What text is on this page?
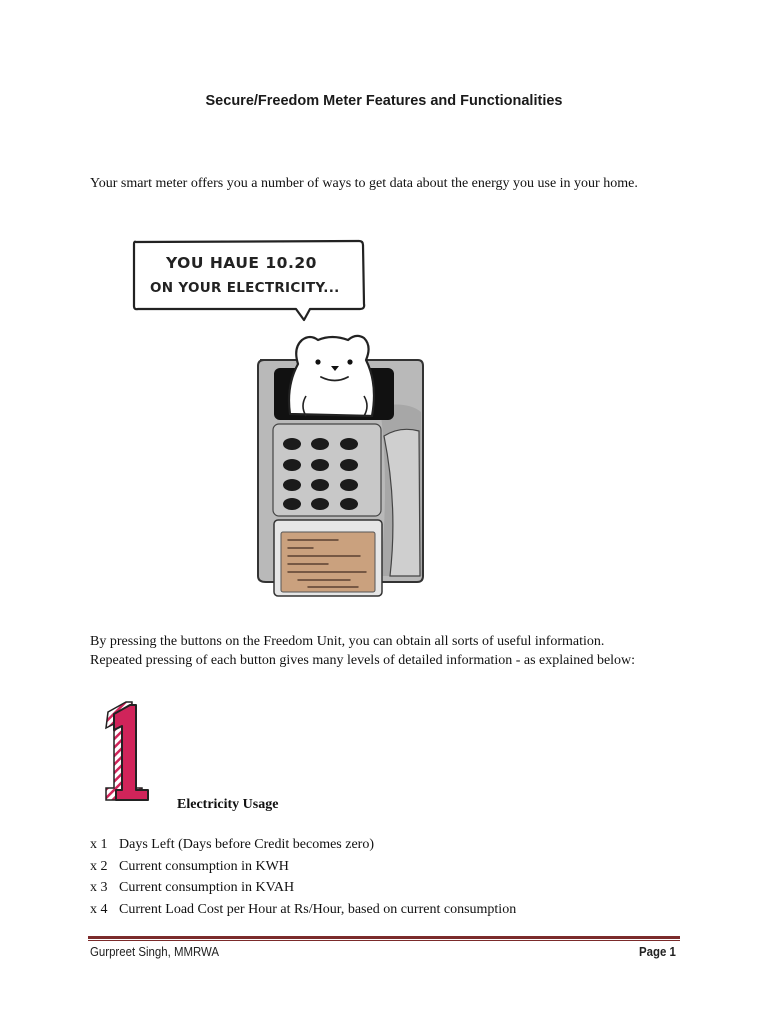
Secure/Freedom Meter Features and Functionalities
Your smart meter offers you a number of ways to get data about the energy you use in your home.
YOU HAUE 10.20
ON YOUR ELECTRICITY...
By pressing the buttons on the Freedom Unit, you can obtain all sorts of useful information.
Repeated pressing of each button gives many levels of detailed information - as explained below:
1
Electricity Usage
x 1 Days Left (Days before Credit becomes zero)
x 2 Current consumption in KWH
x 3 Current consumption in KVAH
x 4 Current Load Cost per Hour at Rs/Hour, based on current consumption
Gurpreet Singh, MMRWA	Page 1
